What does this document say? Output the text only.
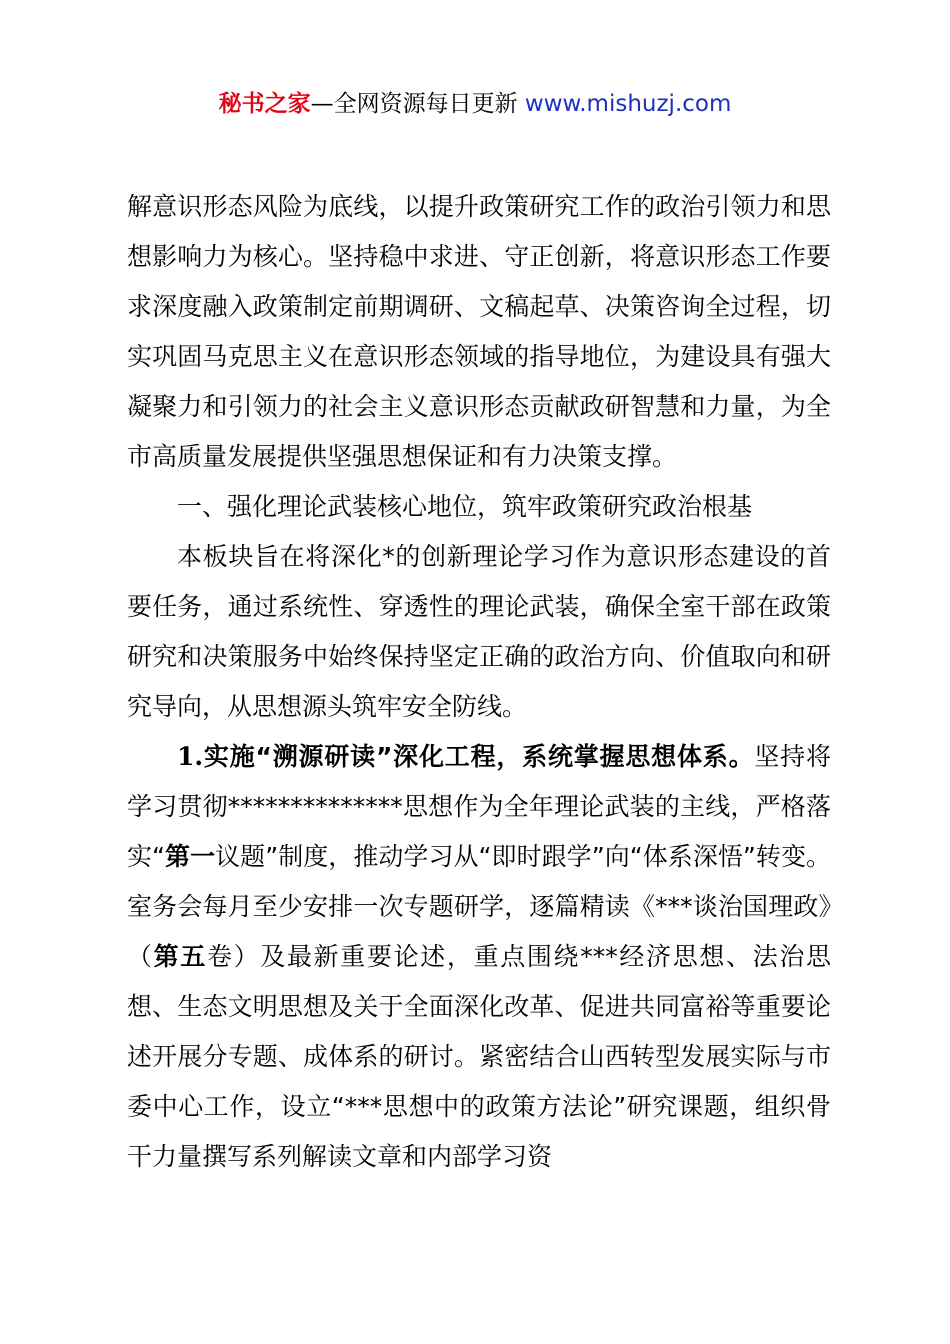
秘书之家—全网资源每日更新 www.mishuzj.com

解意识形态风险为底线，以提升政策研究工作的政治引领力和思想影响力为核心。坚持稳中求进、守正创新，将意识形态工作要求深度融入政策制定前期调研、文稿起草、决策咨询全过程，切实巩固马克思主义在意识形态领域的指导地位，为建设具有强大凝聚力和引领力的社会主义意识形态贡献政研智慧和力量，为全市高质量发展提供坚强思想保证和有力决策支撑。

一、强化理论武装核心地位，筑牢政策研究政治根基

本板块旨在将深化*的创新理论学习作为意识形态建设的首要任务，通过系统性、穿透性的理论武装，确保全室干部在政策研究和决策服务中始终保持坚定正确的政治方向、价值取向和研究导向，从思想源头筑牢安全防线。

1.实施“溯源研读”深化工程，系统掌握思想体系。坚持将学习贯彻**************思想作为全年理论武装的主线，严格落实“第一议题”制度，推动学习从“即时跟学”向“体系深悟”转变。室务会每月至少安排一次专题研学，逐篇精读《***谈治国理政》（第五卷）及最新重要论述，重点围绕***经济思想、法治思想、生态文明思想及关于全面深化改革、促进共同富裕等重要论述开展分专题、成体系的研讨。紧密结合山西转型发展实际与市委中心工作，设立“***思想中的政策方法论”研究课题，组织骨干力量撰写系列解读文章和内部学习资
